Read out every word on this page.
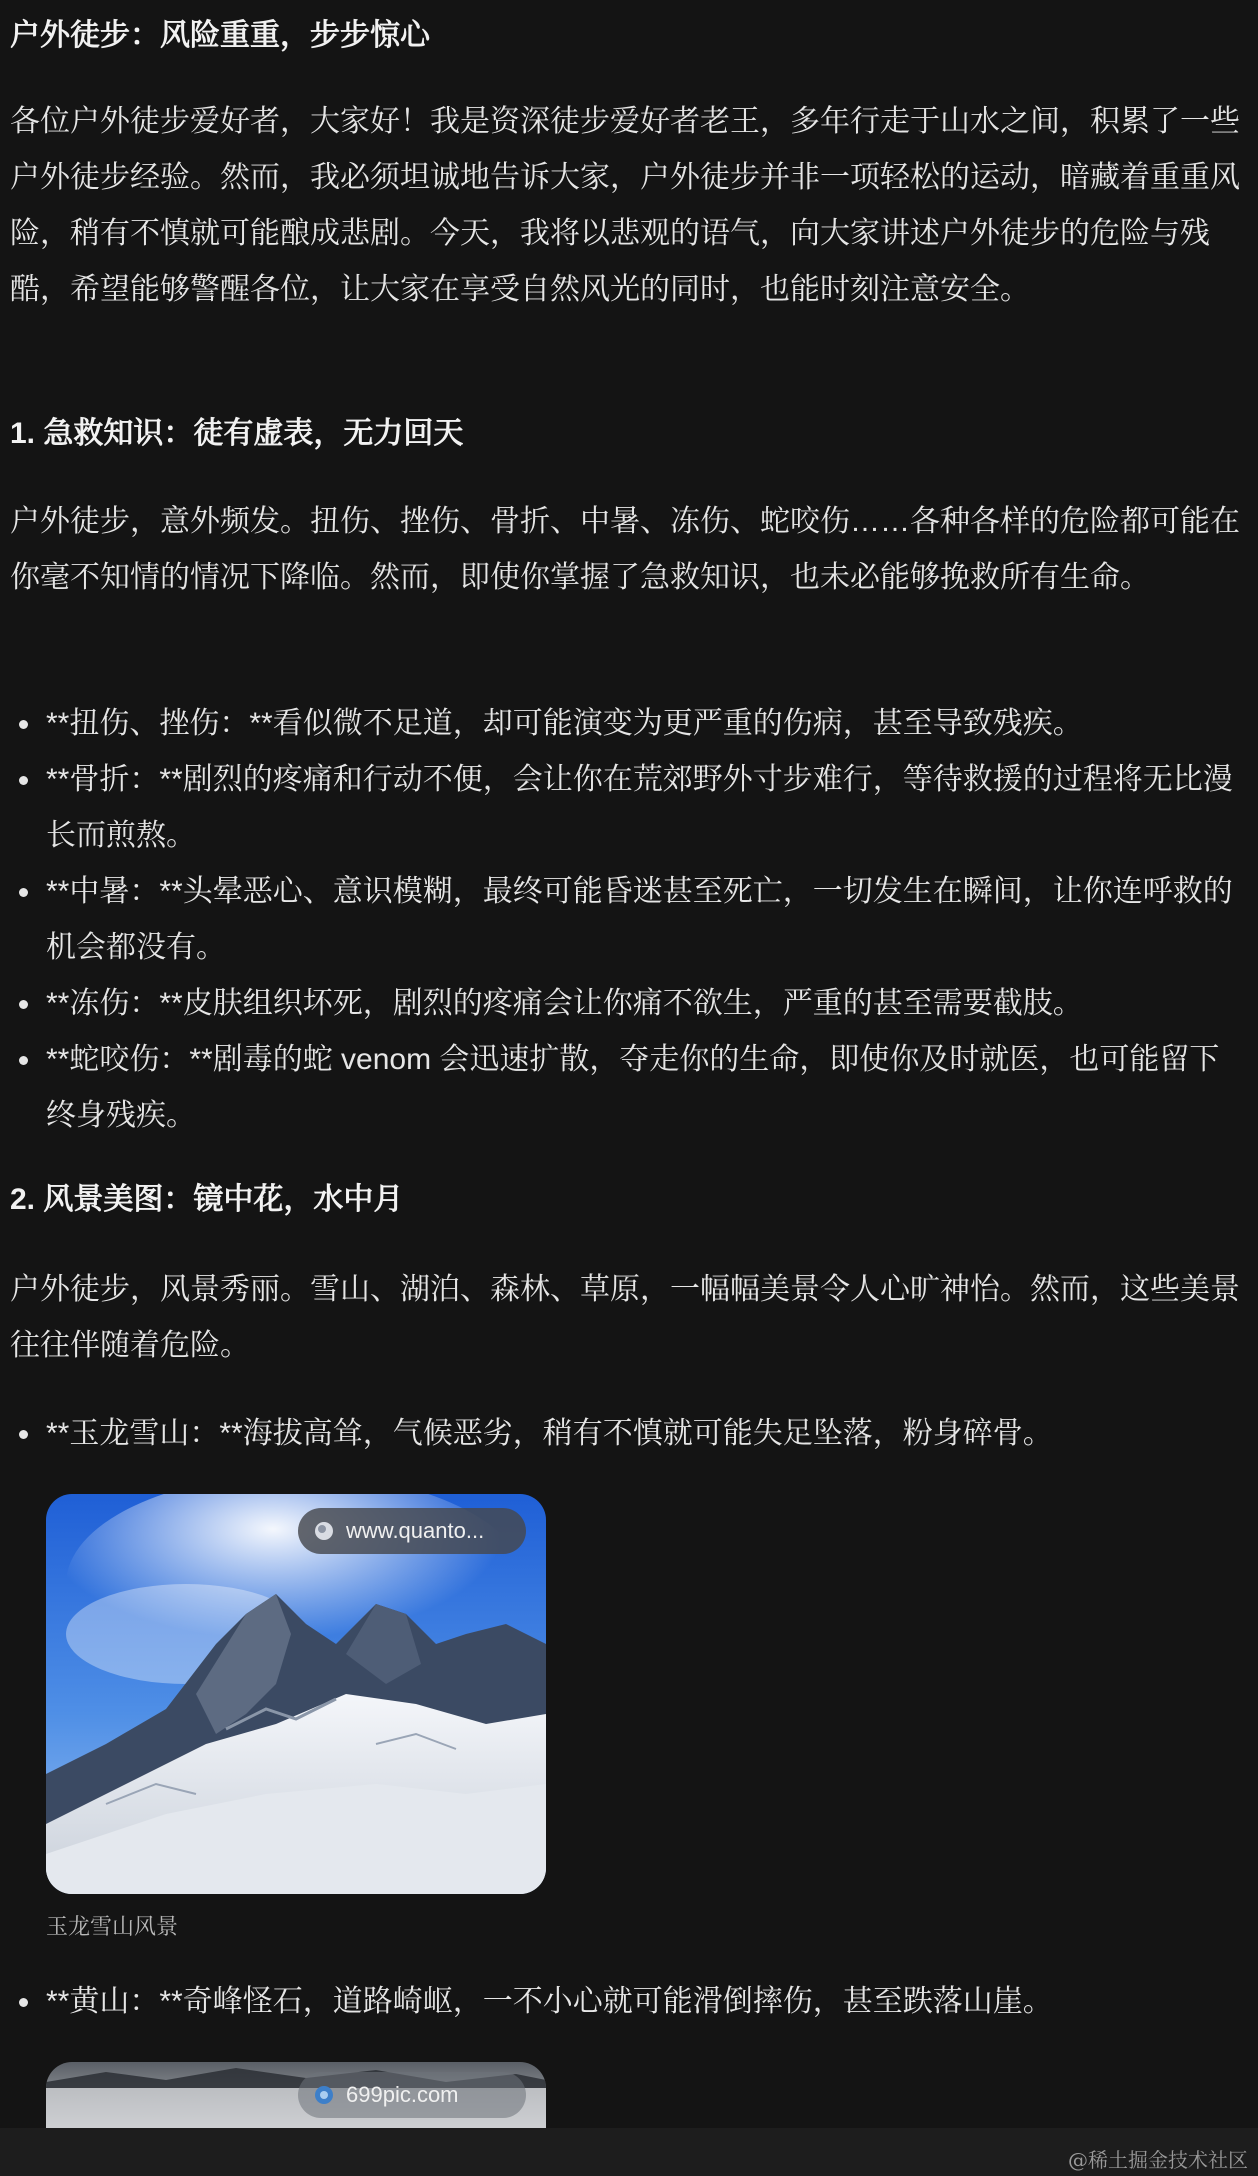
户外徒步：风险重重，步步惊心

各位户外徒步爱好者，大家好！我是资深徒步爱好者老王，多年行走于山水之间，积累了一些户外徒步经验。然而，我必须坦诚地告诉大家，户外徒步并非一项轻松的运动，暗藏着重重风险，稍有不慎就可能酿成悲剧。今天，我将以悲观的语气，向大家讲述户外徒步的危险与残酷，希望能够警醒各位，让大家在享受自然风光的同时，也能时刻注意安全。

1. 急救知识：徒有虚表，无力回天

户外徒步，意外频发。扭伤、挫伤、骨折、中暑、冻伤、蛇咬伤……各种各样的危险都可能在你毫不知情的情况下降临。然而，即使你掌握了急救知识，也未必能够挽救所有生命。

**扭伤、挫伤：**看似微不足道，却可能演变为更严重的伤病，甚至导致残疾。
**骨折：**剧烈的疼痛和行动不便，会让你在荒郊野外寸步难行，等待救援的过程将无比漫长而煎熬。
**中暑：**头晕恶心、意识模糊，最终可能昏迷甚至死亡，一切发生在瞬间，让你连呼救的机会都没有。
**冻伤：**皮肤组织坏死，剧烈的疼痛会让你痛不欲生，严重的甚至需要截肢。
**蛇咬伤：**剧毒的蛇 venom 会迅速扩散，夺走你的生命，即使你及时就医，也可能留下终身残疾。
2. 风景美图：镜中花，水中月

户外徒步，风景秀丽。雪山、湖泊、森林、草原，一幅幅美景令人心旷神怡。然而，这些美景往往伴随着危险。

**玉龙雪山：**海拔高耸，气候恶劣，稍有不慎就可能失足坠落，粉身碎骨。
www.quanto...
玉龙雪山风景
**黄山：**奇峰怪石，道路崎岖，一不小心就可能滑倒摔伤，甚至跌落山崖。
699pic.com
@稀土掘金技术社区
